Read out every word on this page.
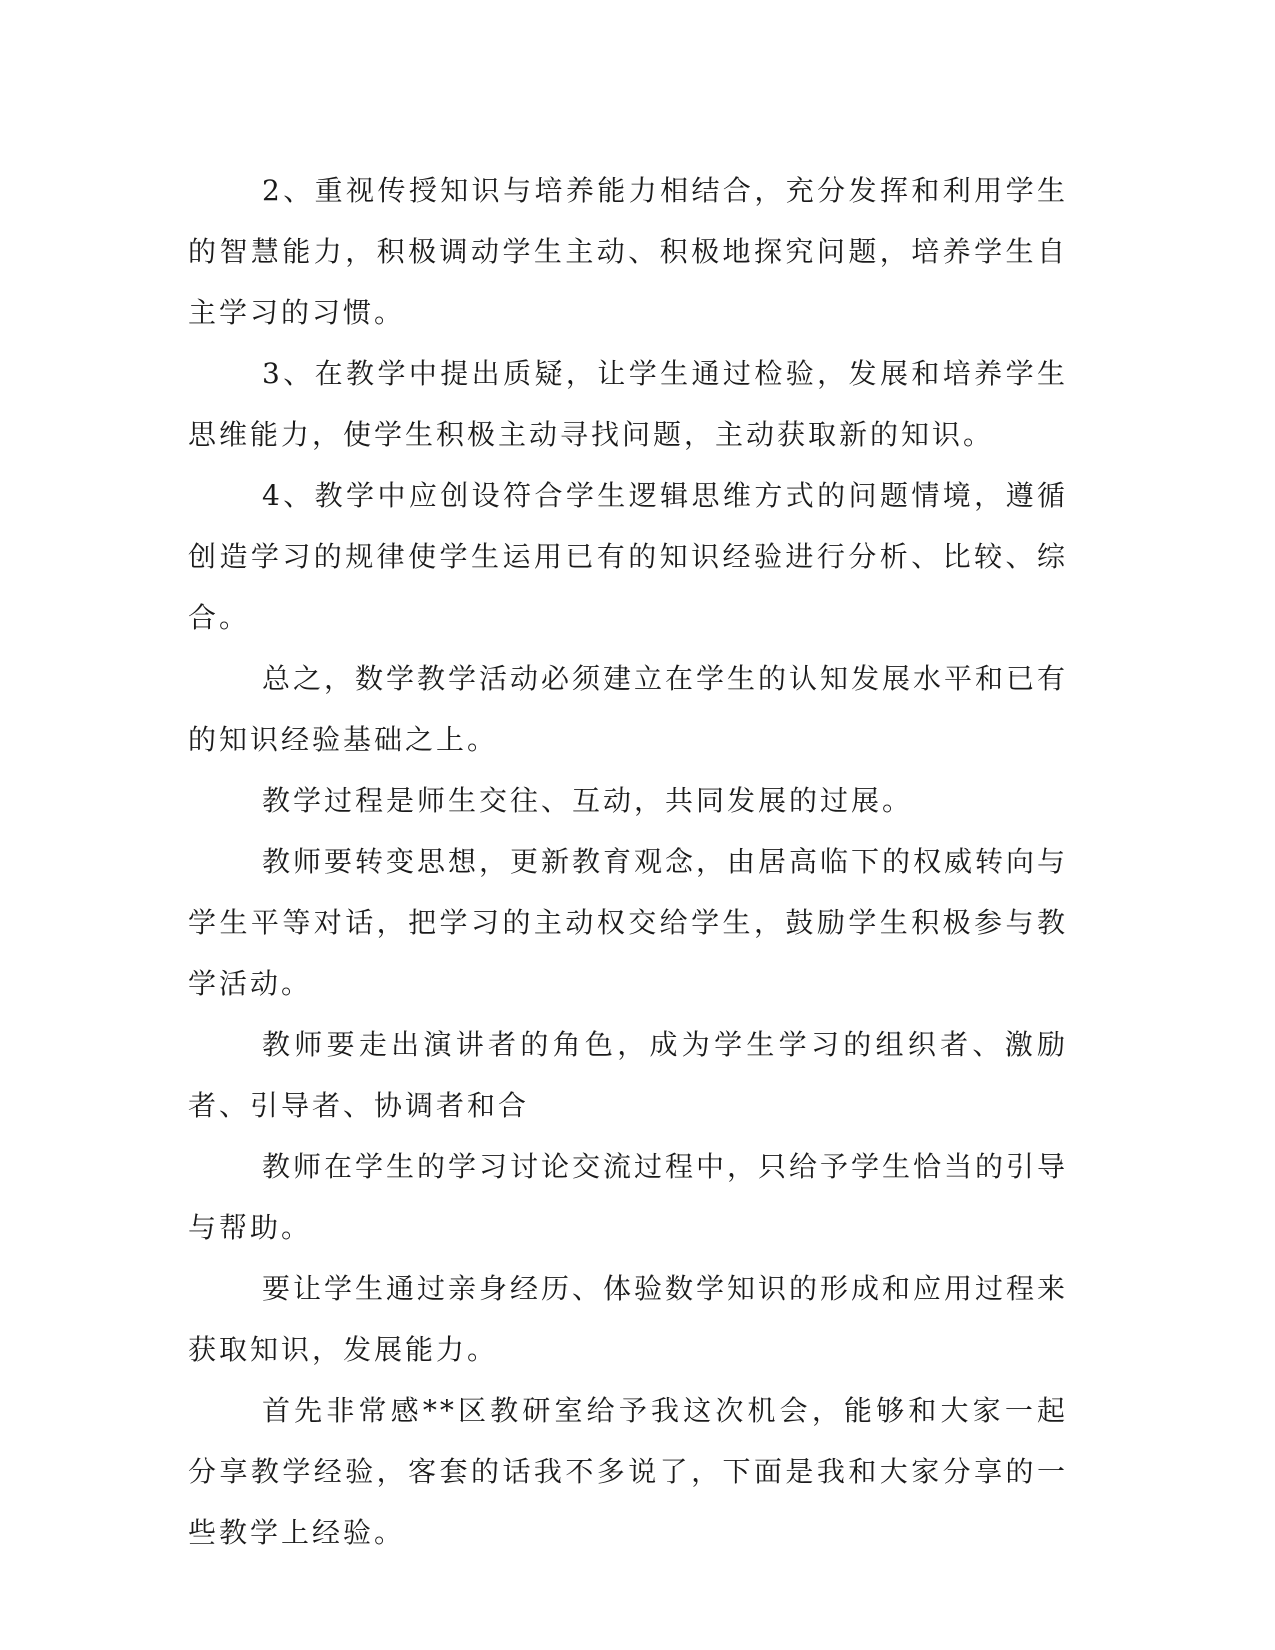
2、重视传授知识与培养能力相结合，充分发挥和利用学生的智慧能力，积极调动学生主动、积极地探究问题，培养学生自主学习的习惯。

3、在教学中提出质疑，让学生通过检验，发展和培养学生思维能力，使学生积极主动寻找问题，主动获取新的知识。

4、教学中应创设符合学生逻辑思维方式的问题情境，遵循创造学习的规律使学生运用已有的知识经验进行分析、比较、综合。

总之，数学教学活动必须建立在学生的认知发展水平和已有的知识经验基础之上。

教学过程是师生交往、互动，共同发展的过展。

教师要转变思想，更新教育观念，由居高临下的权威转向与学生平等对话，把学习的主动权交给学生，鼓励学生积极参与教学活动。

教师要走出演讲者的角色，成为学生学习的组织者、激励者、引导者、协调者和合

教师在学生的学习讨论交流过程中，只给予学生恰当的引导与帮助。

要让学生通过亲身经历、体验数学知识的形成和应用过程来获取知识，发展能力。

首先非常感**区教研室给予我这次机会，能够和大家一起分享教学经验，客套的话我不多说了，下面是我和大家分享的一些教学上经验。
